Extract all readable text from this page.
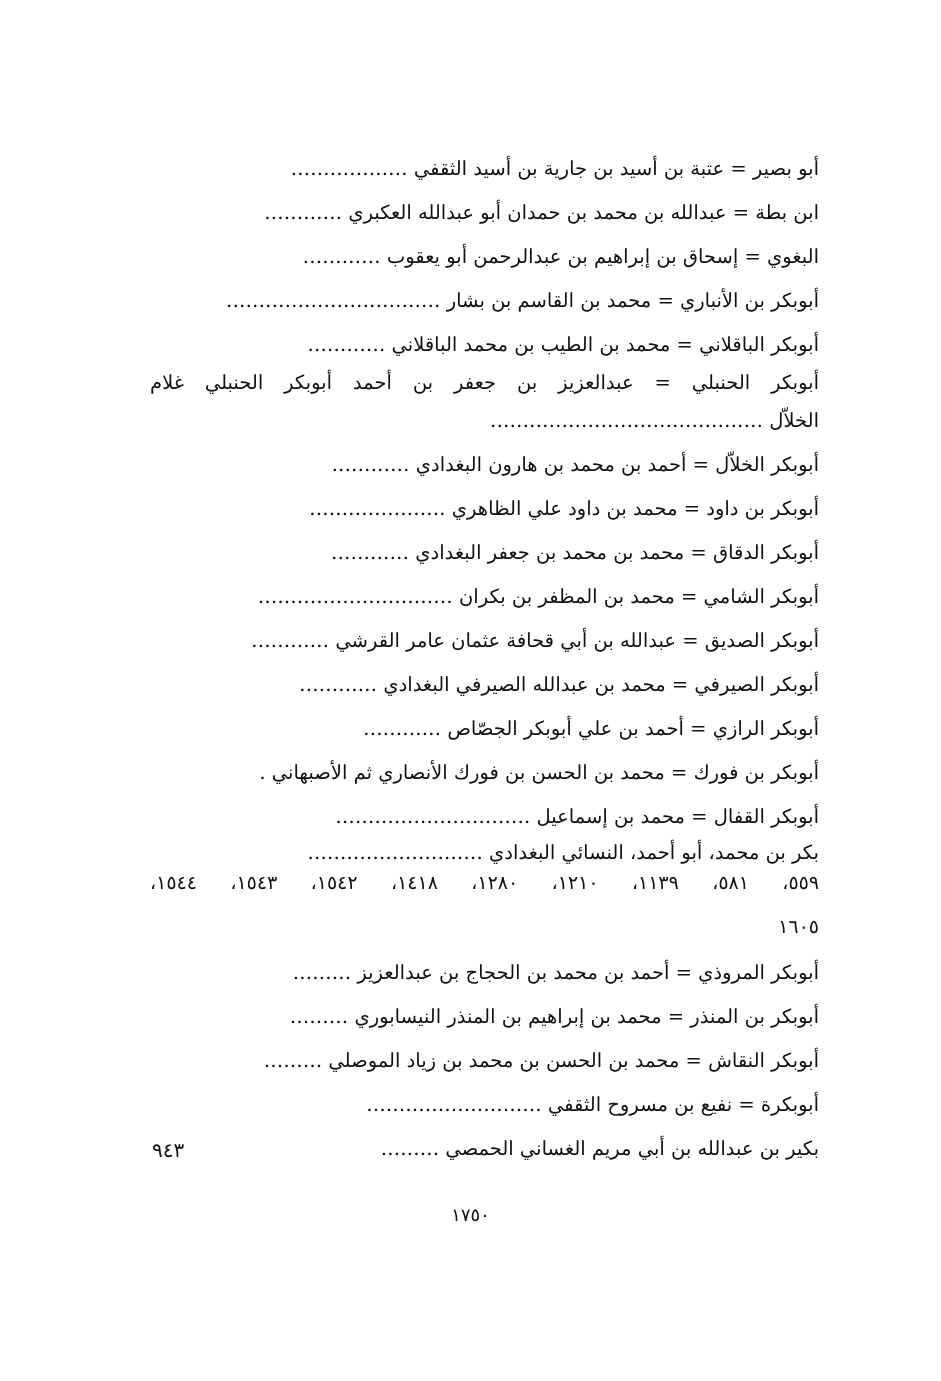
أبو بصير = عتبة بن أسيد بن جارية بن أسيد الثقفي ………………
ابن بطة = عبدالله بن محمد بن حمدان أبو عبدالله العكبري …………
البغوي = إسحاق بن إبراهيم بن عبدالرحمن أبو يعقوب …………
أبوبكر بن الأنباري = محمد بن القاسم بن بشار ……………………………
أبوبكر الباقلاني = محمد بن الطيب بن محمد الباقلاني …………
أبوبكر الحنبلي = عبدالعزيز بن جعفر بن أحمد أبوبكر الحنبلي غلام
الخلاّل ……………………………………
أبوبكر الخلاّل = أحمد بن محمد بن هارون البغدادي …………
أبوبكر بن داود = محمد بن داود علي الظاهري …………………
أبوبكر الدقاق = محمد بن محمد بن جعفر البغدادي …………
أبوبكر الشامي = محمد بن المظفر بن بكران …………………………
أبوبكر الصديق = عبدالله بن أبي قحافة عثمان عامر القرشي …………
أبوبكر الصيرفي = محمد بن عبدالله الصيرفي البغدادي …………
أبوبكر الرازي = أحمد بن علي أبوبكر الجصّاص …………
أبوبكر بن فورك = محمد بن الحسن بن فورك الأنصاري ثم الأصبهاني .
أبوبكر القفال = محمد بن إسماعيل …………………………
بكر بن محمد، أبو أحمد، النسائي البغدادي ………………………
٥٥٩، ٥٨١، ١١٣٩، ١٢١٠، ١٢٨٠، ١٤١٨، ١٥٤٢، ١٥٤٣، ١٥٤٤،
١٦٠٥
أبوبكر المروذي = أحمد بن محمد بن الحجاج بن عبدالعزيز ………
أبوبكر بن المنذر = محمد بن إبراهيم بن المنذر النيسابوري ………
أبوبكر النقاش = محمد بن الحسن بن محمد بن زياد الموصلي ………
أبوبكرة = نفيع بن مسروح الثقفي ………………………
بكير بن عبدالله بن أبي مريم الغساني الحمصي ………
٩٤٣
١٧٥٠
